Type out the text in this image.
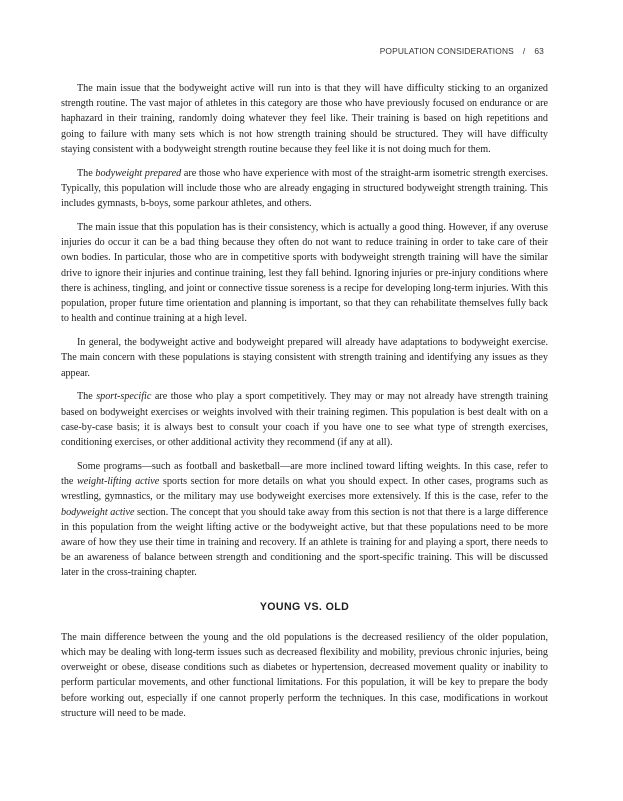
POPULATION CONSIDERATIONS / 63

The main issue that the bodyweight active will run into is that they will have difficulty sticking to an organized strength routine. The vast major of athletes in this category are those who have previously focused on endurance or are haphazard in their training, randomly doing whatever they feel like. Their training is based on high repetitions and going to failure with many sets which is not how strength training should be structured. They will have difficulty staying consistent with a bodyweight strength routine because they feel like it is not doing much for them.

The bodyweight prepared are those who have experience with most of the straight-arm isometric strength exercises. Typically, this population will include those who are already engaging in structured bodyweight strength training. This includes gymnasts, b-boys, some parkour athletes, and others.

The main issue that this population has is their consistency, which is actually a good thing. However, if any overuse injuries do occur it can be a bad thing because they often do not want to reduce training in order to take care of their own bodies. In particular, those who are in competitive sports with bodyweight strength training will have the similar drive to ignore their injuries and continue training, lest they fall behind. Ignoring injuries or pre-injury conditions where there is achiness, tingling, and joint or connective tissue soreness is a recipe for developing long-term injuries. With this population, proper future time orientation and planning is important, so that they can rehabilitate themselves fully back to health and continue training at a high level.

In general, the bodyweight active and bodyweight prepared will already have adaptations to bodyweight exercise. The main concern with these populations is staying consistent with strength training and identifying any issues as they appear.

The sport-specific are those who play a sport competitively. They may or may not already have strength training based on bodyweight exercises or weights involved with their training regimen. This population is best dealt with on a case-by-case basis; it is always best to consult your coach if you have one to see what type of strength exercises, conditioning exercises, or other additional activity they recommend (if any at all).

Some programs—such as football and basketball—are more inclined toward lifting weights. In this case, refer to the weight-lifting active sports section for more details on what you should expect. In other cases, programs such as wrestling, gymnastics, or the military may use bodyweight exercises more extensively. If this is the case, refer to the bodyweight active section. The concept that you should take away from this section is not that there is a large difference in this population from the weight lifting active or the bodyweight active, but that these populations need to be more aware of how they use their time in training and recovery. If an athlete is training for and playing a sport, there needs to be an awareness of balance between strength and conditioning and the sport-specific training. This will be discussed later in the cross-training chapter.

YOUNG VS. OLD

The main difference between the young and the old populations is the decreased resiliency of the older population, which may be dealing with long-term issues such as decreased flexibility and mobility, previous chronic injuries, being overweight or obese, disease conditions such as diabetes or hypertension, decreased movement quality or inability to perform particular movements, and other functional limitations. For this population, it will be key to prepare the body before working out, especially if one cannot properly perform the techniques. In this case, modifications in workout structure will need to be made.
